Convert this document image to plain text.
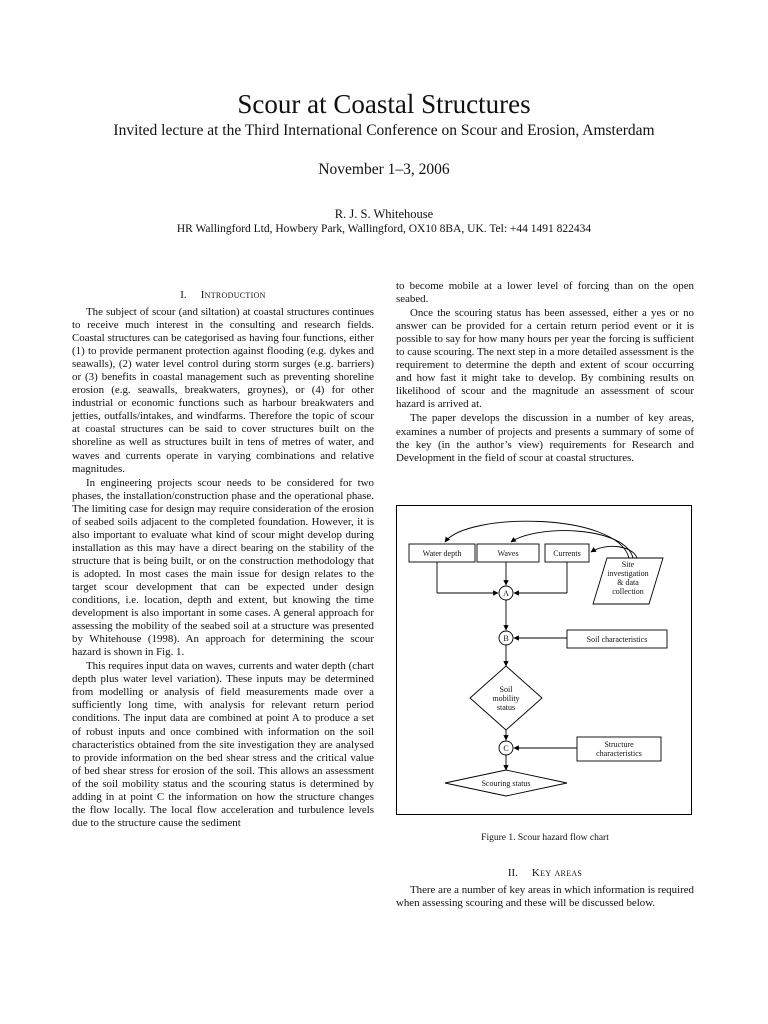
Scour at Coastal Structures
Invited lecture at the Third International Conference on Scour and Erosion, Amsterdam
November 1–3, 2006
R. J. S. Whitehouse
HR Wallingford Ltd, Howbery Park, Wallingford, OX10 8BA, UK. Tel: +44 1491 822434
I. Introduction

The subject of scour (and siltation) at coastal structures continues to receive much interest in the consulting and research fields. Coastal structures can be categorised as having four functions, either (1) to provide permanent protection against flooding (e.g. dykes and seawalls), (2) water level control during storm surges (e.g. barriers) or (3) benefits in coastal management such as preventing shoreline erosion (e.g. seawalls, breakwaters, groynes), or (4) for other industrial or economic functions such as harbour breakwaters and jetties, outfalls/intakes, and windfarms. Therefore the topic of scour at coastal structures can be said to cover structures built on the shoreline as well as structures built in tens of metres of water, and waves and currents operate in varying combinations and relative magnitudes.

In engineering projects scour needs to be considered for two phases, the installation/construction phase and the operational phase. The limiting case for design may require consideration of the erosion of seabed soils adjacent to the completed foundation. However, it is also important to evaluate what kind of scour might develop during installation as this may have a direct bearing on the stability of the structure that is being built, or on the construction methodology that is adopted. In most cases the main issue for design relates to the target scour development that can be expected under design conditions, i.e. location, depth and extent, but knowing the time development is also important in some cases. A general approach for assessing the mobility of the seabed soil at a structure was presented by Whitehouse (1998). An approach for determining the scour hazard is shown in Fig. 1.

This requires input data on waves, currents and water depth (chart depth plus water level variation). These inputs may be determined from modelling or analysis of field measurements made over a sufficiently long time, with analysis for relevant return period conditions. The input data are combined at point A to produce a set of robust inputs and once combined with information on the soil characteristics obtained from the site investigation they are analysed to provide information on the bed shear stress and the critical value of bed shear stress for erosion of the soil. This allows an assessment of the soil mobility status and the scouring status is determined by adding in at point C the information on how the structure changes the flow locally. The local flow acceleration and turbulence levels due to the structure cause the sediment

to become mobile at a lower level of forcing than on the open seabed.

Once the scouring status has been assessed, either a yes or no answer can be provided for a certain return period event or it is possible to say for how many hours per year the forcing is sufficient to cause scouring. The next step in a more detailed assessment is the requirement to determine the depth and extent of scour occurring and how fast it might take to develop. By combining results on likelihood of scour and the magnitude an assessment of scour hazard is arrived at.

The paper develops the discussion in a number of key areas, examines a number of projects and presents a summary of some of the key (in the author’s view) requirements for Research and Development in the field of scour at coastal structures.

Water depth	Waves	Currents
Site
investigation
& data
collection
A
B	Soil characteristics
Soil
mobility
status
C	Structure
characteristics
Scouring status
Figure 1. Scour hazard flow chart
II. Key areas

There are a number of key areas in which information is required when assessing scouring and these will be discussed below.
